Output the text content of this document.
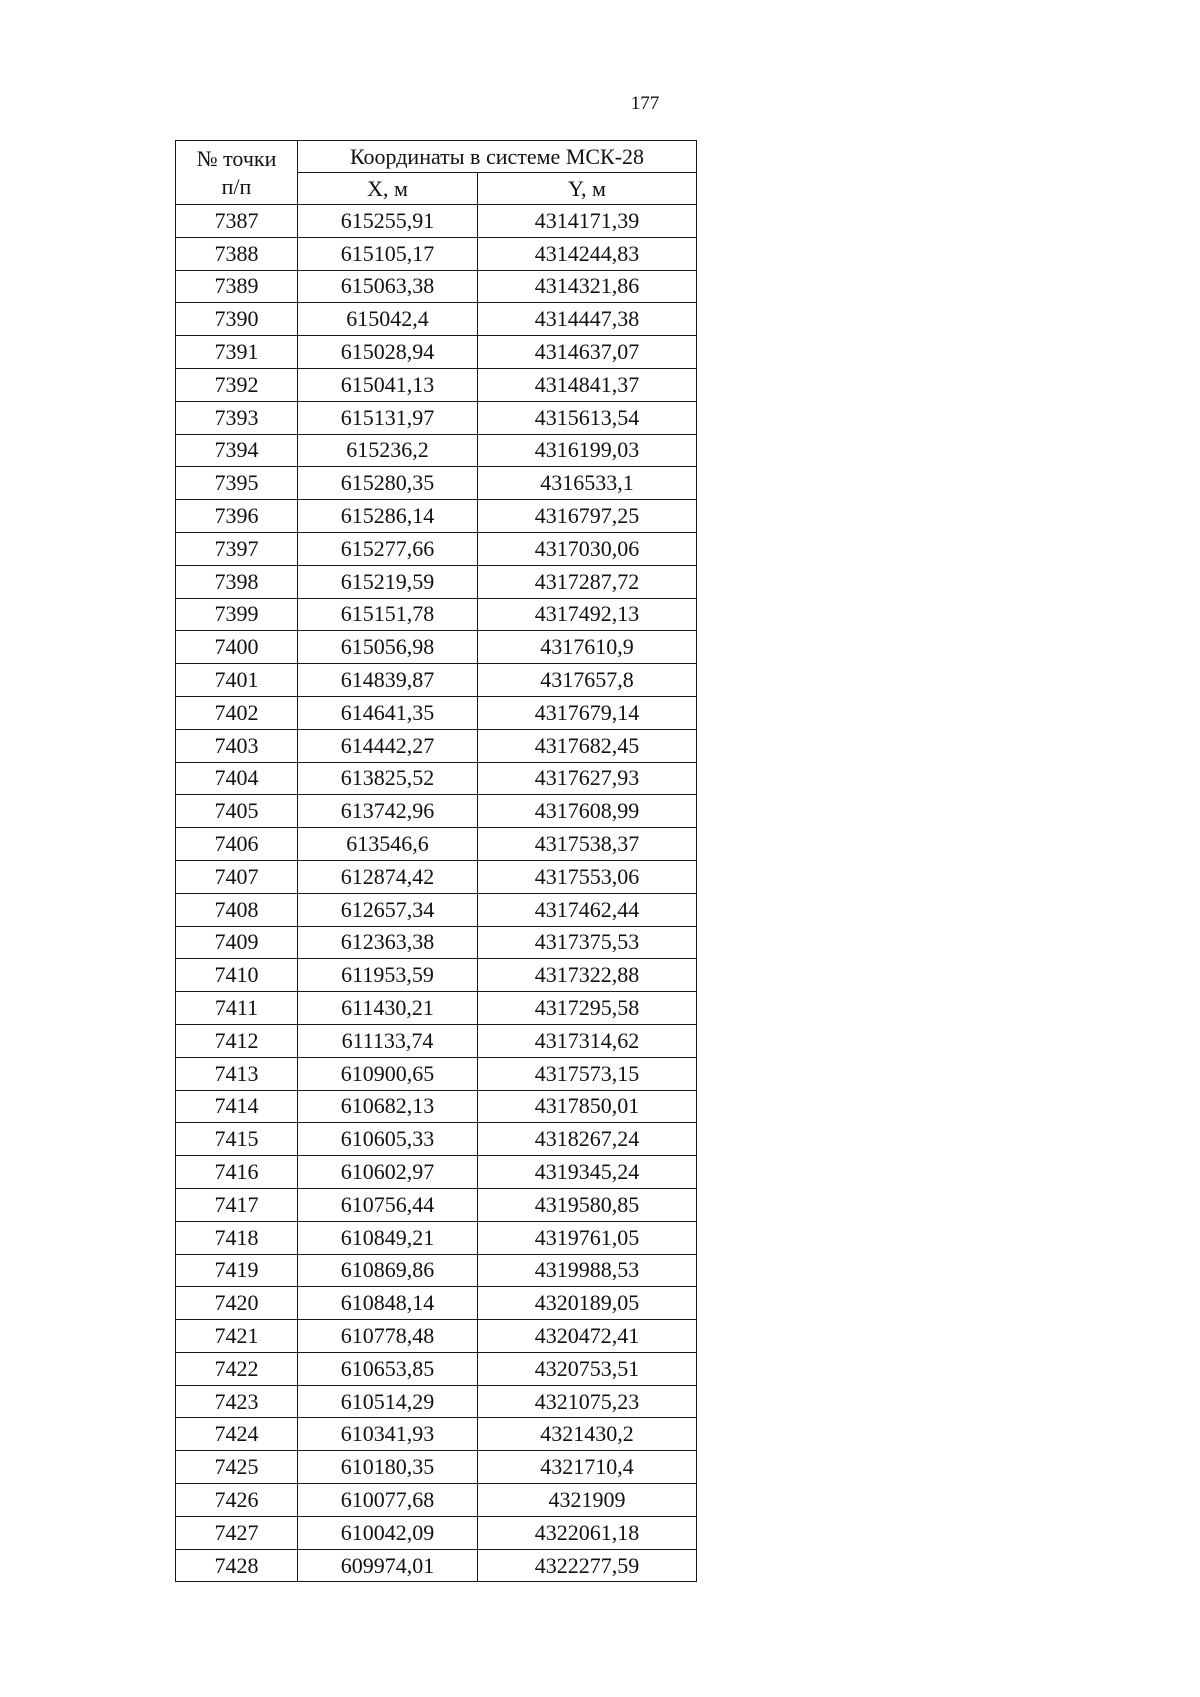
177
№ точки
п/п	Координаты в системе МСК-28	
	X, м	Y, м
7387	615255,91	4314171,39
7388	615105,17	4314244,83
7389	615063,38	4314321,86
7390	615042,4	4314447,38
7391	615028,94	4314637,07
7392	615041,13	4314841,37
7393	615131,97	4315613,54
7394	615236,2	4316199,03
7395	615280,35	4316533,1
7396	615286,14	4316797,25
7397	615277,66	4317030,06
7398	615219,59	4317287,72
7399	615151,78	4317492,13
7400	615056,98	4317610,9
7401	614839,87	4317657,8
7402	614641,35	4317679,14
7403	614442,27	4317682,45
7404	613825,52	4317627,93
7405	613742,96	4317608,99
7406	613546,6	4317538,37
7407	612874,42	4317553,06
7408	612657,34	4317462,44
7409	612363,38	4317375,53
7410	611953,59	4317322,88
7411	611430,21	4317295,58
7412	611133,74	4317314,62
7413	610900,65	4317573,15
7414	610682,13	4317850,01
7415	610605,33	4318267,24
7416	610602,97	4319345,24
7417	610756,44	4319580,85
7418	610849,21	4319761,05
7419	610869,86	4319988,53
7420	610848,14	4320189,05
7421	610778,48	4320472,41
7422	610653,85	4320753,51
7423	610514,29	4321075,23
7424	610341,93	4321430,2
7425	610180,35	4321710,4
7426	610077,68	4321909
7427	610042,09	4322061,18
7428	609974,01	4322277,59
